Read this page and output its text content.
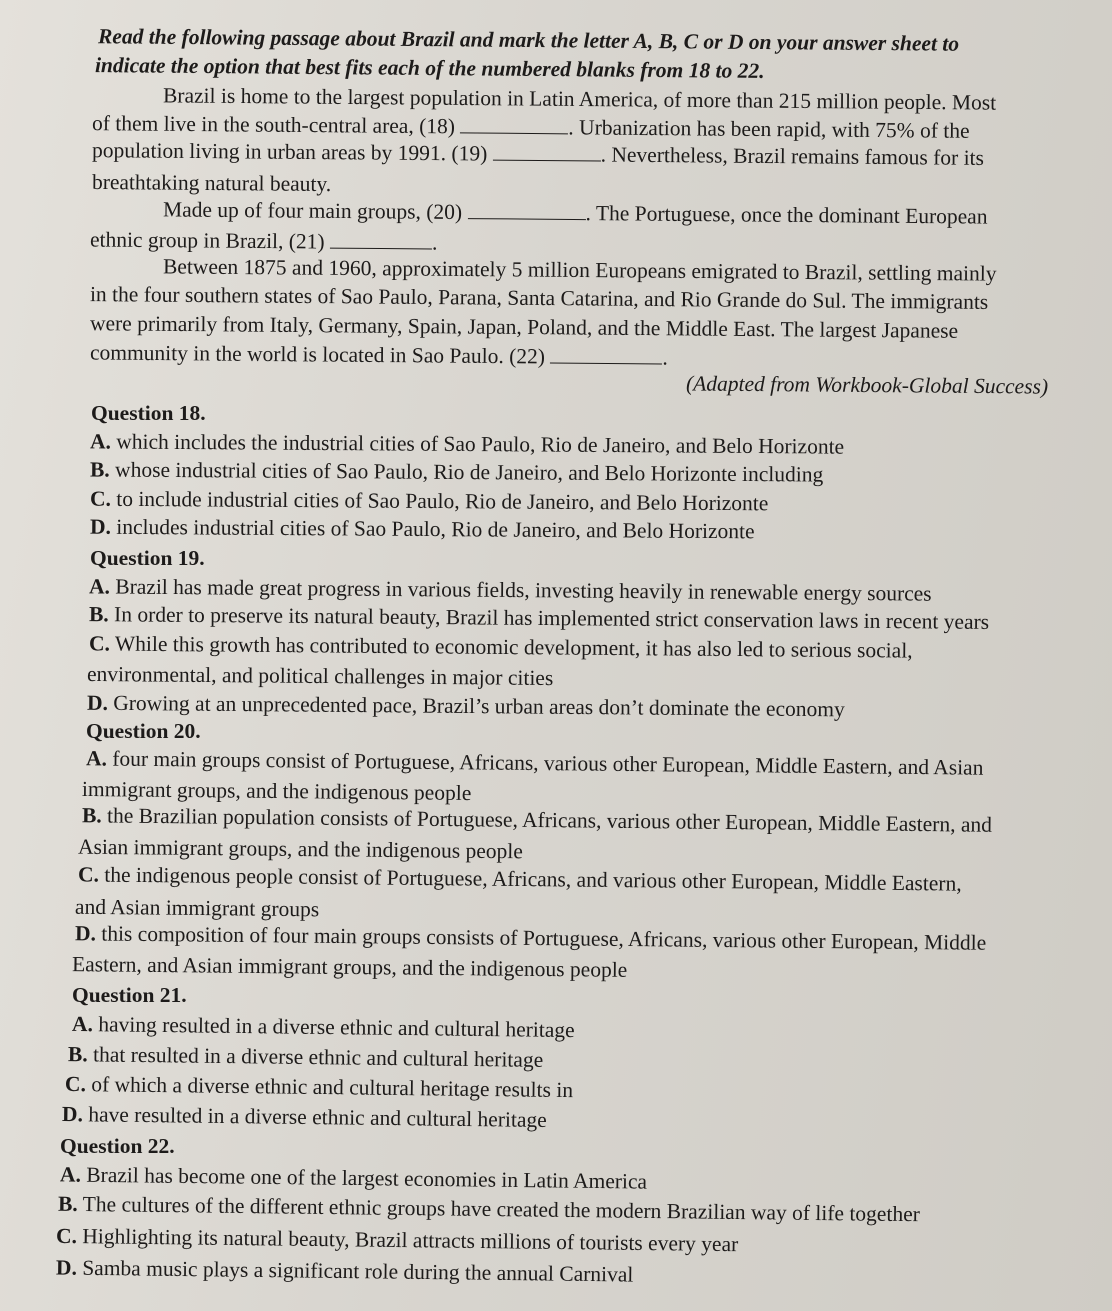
Read the following passage about Brazil and mark the letter A, B, C or D on your answer sheet to
indicate the option that best fits each of the numbered blanks from 18 to 22.
Brazil is home to the largest population in Latin America, of more than 215 million people. Most
of them live in the south-central area, (18)	. Urbanization has been rapid, with 75% of the
population living in urban areas by 1991. (19)	. Nevertheless, Brazil remains famous for its
breathtaking natural beauty.
Made up of four main groups, (20)	. The Portuguese, once the dominant European
ethnic group in Brazil, (21)	.
Between 1875 and 1960, approximately 5 million Europeans emigrated to Brazil, settling mainly
in the four southern states of Sao Paulo, Parana, Santa Catarina, and Rio Grande do Sul. The immigrants
were primarily from Italy, Germany, Spain, Japan, Poland, and the Middle East. The largest Japanese
community in the world is located in Sao Paulo. (22)	.
(Adapted from Workbook-Global Success)
Question 18.
A. which includes the industrial cities of Sao Paulo, Rio de Janeiro, and Belo Horizonte
B. whose industrial cities of Sao Paulo, Rio de Janeiro, and Belo Horizonte including
C. to include industrial cities of Sao Paulo, Rio de Janeiro, and Belo Horizonte
D. includes industrial cities of Sao Paulo, Rio de Janeiro, and Belo Horizonte
Question 19.
A. Brazil has made great progress in various fields, investing heavily in renewable energy sources
B. In order to preserve its natural beauty, Brazil has implemented strict conservation laws in recent years
C. While this growth has contributed to economic development, it has also led to serious social,
environmental, and political challenges in major cities
D. Growing at an unprecedented pace, Brazil’s urban areas don’t dominate the economy
Question 20.
A. four main groups consist of Portuguese, Africans, various other European, Middle Eastern, and Asian
immigrant groups, and the indigenous people
B. the Brazilian population consists of Portuguese, Africans, various other European, Middle Eastern, and
Asian immigrant groups, and the indigenous people
C. the indigenous people consist of Portuguese, Africans, and various other European, Middle Eastern,
and Asian immigrant groups
D. this composition of four main groups consists of Portuguese, Africans, various other European, Middle
Eastern, and Asian immigrant groups, and the indigenous people
Question 21.
A. having resulted in a diverse ethnic and cultural heritage
B. that resulted in a diverse ethnic and cultural heritage
C. of which a diverse ethnic and cultural heritage results in
D. have resulted in a diverse ethnic and cultural heritage
Question 22.
A. Brazil has become one of the largest economies in Latin America
B. The cultures of the different ethnic groups have created the modern Brazilian way of life together
C. Highlighting its natural beauty, Brazil attracts millions of tourists every year
D. Samba music plays a significant role during the annual Carnival
